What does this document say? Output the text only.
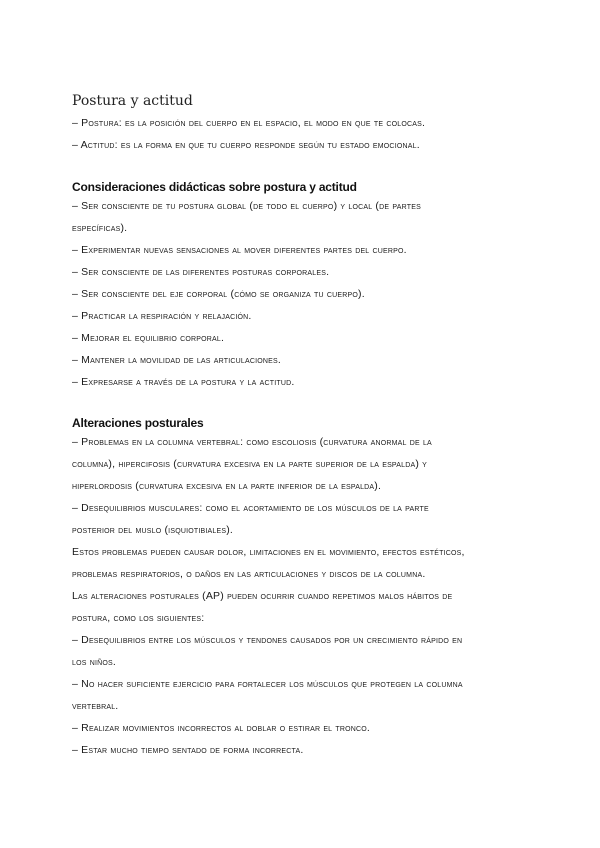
Postura y actitud
– Postura: es la posición del cuerpo en el espacio, el modo en que te colocas.
– Actitud: es la forma en que tu cuerpo responde según tu estado emocional.
Consideraciones didácticas sobre postura y actitud
– Ser consciente de tu postura global (de todo el cuerpo) y local (de partes
específicas).
– Experimentar nuevas sensaciones al mover diferentes partes del cuerpo.
– Ser consciente de las diferentes posturas corporales.
– Ser consciente del eje corporal (cómo se organiza tu cuerpo).
– Practicar la respiración y relajación.
– Mejorar el equilibrio corporal.
– Mantener la movilidad de las articulaciones.
– Expresarse a través de la postura y la actitud.
Alteraciones posturales
– Problemas en la columna vertebral: como escoliosis (curvatura anormal de la
columna), hipercifosis (curvatura excesiva en la parte superior de la espalda) y
hiperlordosis (curvatura excesiva en la parte inferior de la espalda).
– Desequilibrios musculares: como el acortamiento de los músculos de la parte
posterior del muslo (isquiotibiales).
Estos problemas pueden causar dolor, limitaciones en el movimiento, efectos estéticos,
problemas respiratorios, o daños en las articulaciones y discos de la columna.
Las alteraciones posturales (AP) pueden ocurrir cuando repetimos malos hábitos de
postura, como los siguientes:
– Desequilibrios entre los músculos y tendones causados por un crecimiento rápido en
los niños.
– No hacer suficiente ejercicio para fortalecer los músculos que protegen la columna
vertebral.
– Realizar movimientos incorrectos al doblar o estirar el tronco.
– Estar mucho tiempo sentado de forma incorrecta.
